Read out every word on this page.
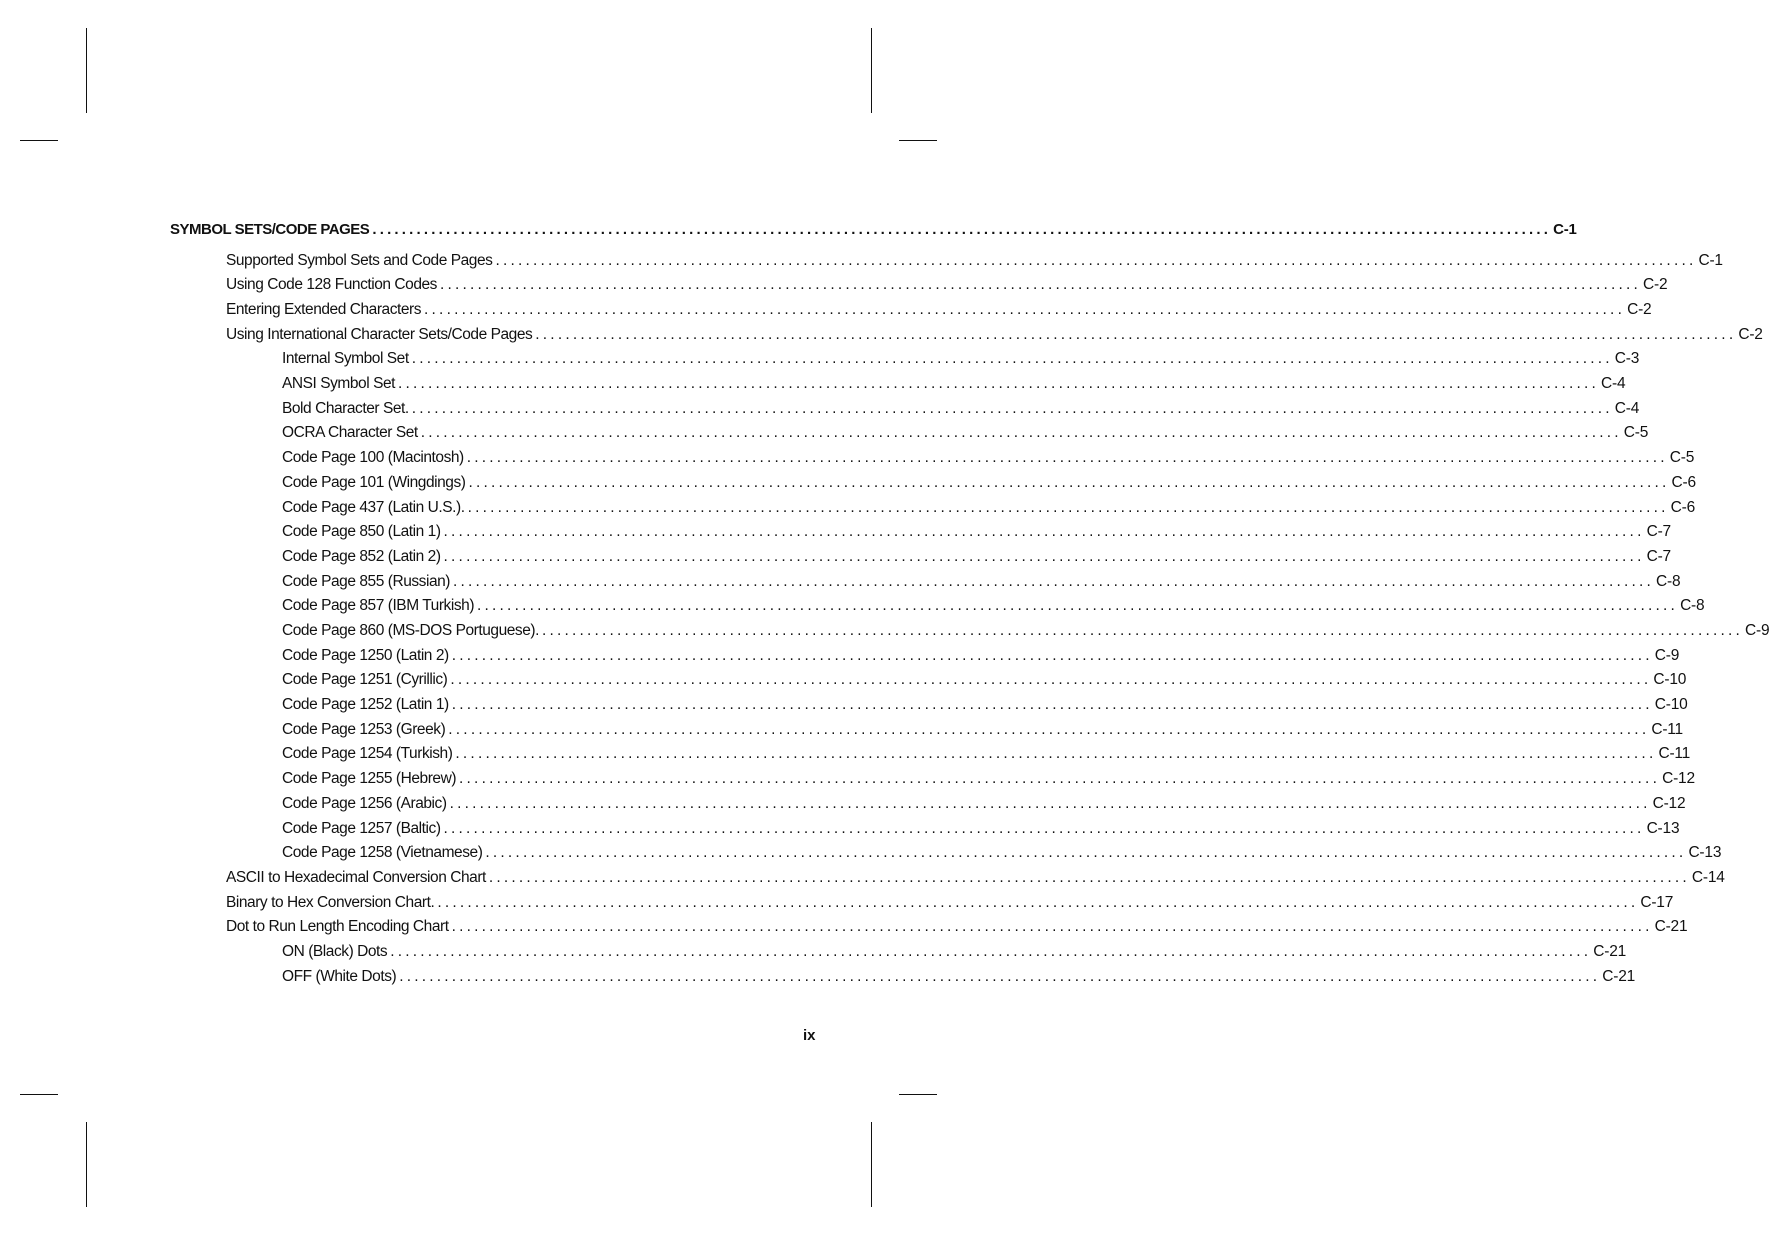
SYMBOL SETS/CODE PAGES ................................................................................................................................................................ C-1
Supported Symbol Sets and Code Pages ................................................................................................................................................................ C-1
Using Code 128 Function Codes ................................................................................................................................................................ C-2
Entering Extended Characters ................................................................................................................................................................ C-2
Using International Character Sets/Code Pages ................................................................................................................................................................ C-2
Internal Symbol Set ................................................................................................................................................................ C-3
ANSI Symbol Set ................................................................................................................................................................ C-4
Bold Character Set. ................................................................................................................................................................ C-4
OCRA Character Set ................................................................................................................................................................ C-5
Code Page 100 (Macintosh) ................................................................................................................................................................ C-5
Code Page 101 (Wingdings) ................................................................................................................................................................ C-6
Code Page 437 (Latin U.S.). ................................................................................................................................................................ C-6
Code Page 850 (Latin 1) ................................................................................................................................................................ C-7
Code Page 852 (Latin 2) ................................................................................................................................................................ C-7
Code Page 855 (Russian) ................................................................................................................................................................ C-8
Code Page 857 (IBM Turkish) ................................................................................................................................................................ C-8
Code Page 860 (MS-DOS Portuguese). ................................................................................................................................................................ C-9
Code Page 1250 (Latin 2) ................................................................................................................................................................ C-9
Code Page 1251 (Cyrillic) ................................................................................................................................................................ C-10
Code Page 1252 (Latin 1) ................................................................................................................................................................ C-10
Code Page 1253 (Greek) ................................................................................................................................................................ C-11
Code Page 1254 (Turkish) ................................................................................................................................................................ C-11
Code Page 1255 (Hebrew) ................................................................................................................................................................ C-12
Code Page 1256 (Arabic) ................................................................................................................................................................ C-12
Code Page 1257 (Baltic) ................................................................................................................................................................ C-13
Code Page 1258 (Vietnamese) ................................................................................................................................................................ C-13
ASCII to Hexadecimal Conversion Chart ................................................................................................................................................................ C-14
Binary to Hex Conversion Chart. ................................................................................................................................................................ C-17
Dot to Run Length Encoding Chart ................................................................................................................................................................ C-21
ON (Black) Dots ................................................................................................................................................................ C-21
OFF (White Dots) ................................................................................................................................................................ C-21
ix
